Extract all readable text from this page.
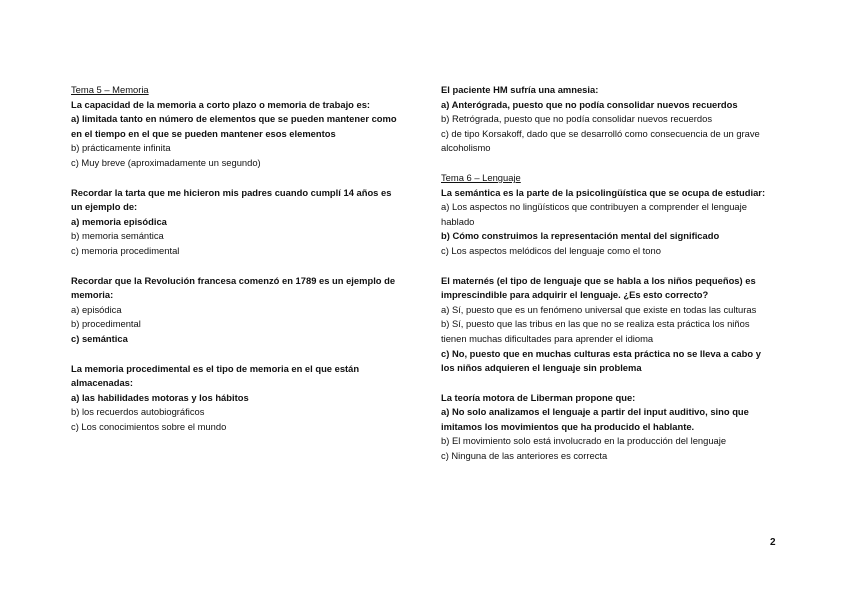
Tema 5 – Memoria
La capacidad de la memoria a corto plazo o memoria de trabajo es:
a) limitada tanto en número de elementos que se pueden mantener como en el tiempo en el que se pueden mantener esos elementos
b) prácticamente infinita
c) Muy breve (aproximadamente un segundo)
Recordar la tarta que me hicieron mis padres cuando cumplí 14 años es un ejemplo de:
a) memoria episódica
b) memoria semántica
c) memoria procedimental
Recordar que la Revolución francesa comenzó en 1789 es un ejemplo de memoria:
a) episódica
b) procedimental
c) semántica
La memoria procedimental es el tipo de memoria en el que están almacenadas:
a) las habilidades motoras y los hábitos
b) los recuerdos autobiográficos
c) Los conocimientos sobre el mundo
El paciente HM sufría una amnesia:
a) Anterógrada, puesto que no podía consolidar nuevos recuerdos
b) Retrógrada, puesto que no podía consolidar nuevos recuerdos
c) de tipo Korsakoff, dado que se desarrolló como consecuencia de un grave alcoholismo
Tema 6 – Lenguaje
La semántica es la parte de la psicolingüística que se ocupa de estudiar:
a) Los aspectos no lingüísticos que contribuyen a comprender el lenguaje hablado
b) Cómo construimos la representación mental del significado
c) Los aspectos melódicos del lenguaje como el tono
El maternés (el tipo de lenguaje que se habla a los niños pequeños) es imprescindible para adquirir el lenguaje. ¿Es esto correcto?
a) Sí, puesto que es un fenómeno universal que existe en todas las culturas
b) Sí, puesto que las tribus en las que no se realiza esta práctica los niños tienen muchas dificultades para aprender el idioma
c) No, puesto que en muchas culturas esta práctica no se lleva a cabo y los niños adquieren el lenguaje sin problema
La teoría motora de Liberman propone que:
a) No solo analizamos el lenguaje a partir del input auditivo, sino que imitamos los movimientos que ha producido el hablante.
b) El movimiento solo está involucrado en la producción del lenguaje
c) Ninguna de las anteriores es correcta
2
